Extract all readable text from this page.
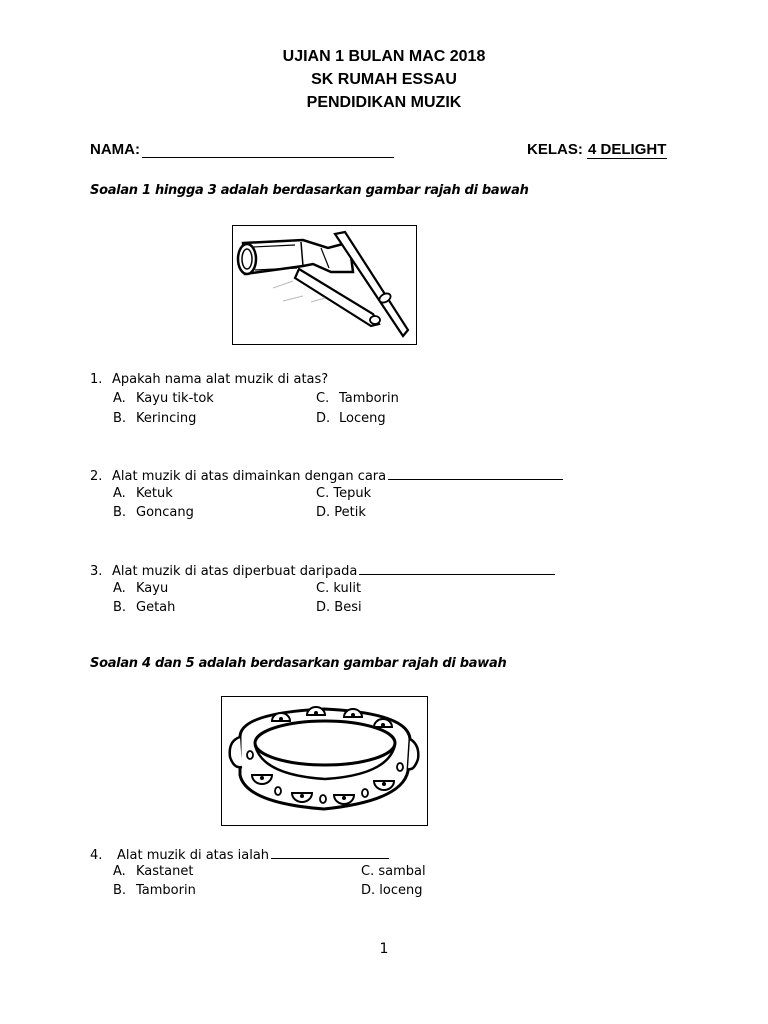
UJIAN 1 BULAN MAC 2018
SK RUMAH ESSAU
PENDIDIKAN MUZIK
NAMA:	KELAS: 4 DELIGHT
Soalan 1 hingga 3 adalah berdasarkan gambar rajah di bawah
1. Apakah nama alat muzik di atas?
A. Kayu tik-tok	C. Tamborin
B. Kerincing	D. Loceng
2. Alat muzik di atas dimainkan dengan cara
A. Ketuk	C. Tepuk
B. Goncang	D. Petik
3. Alat muzik di atas diperbuat daripada
A. Kayu	C. kulit
B. Getah	D. Besi
Soalan 4 dan 5 adalah berdasarkan gambar rajah di bawah
4. Alat muzik di atas ialah
A. Kastanet	C. sambal
B. Tamborin	D. loceng
1
